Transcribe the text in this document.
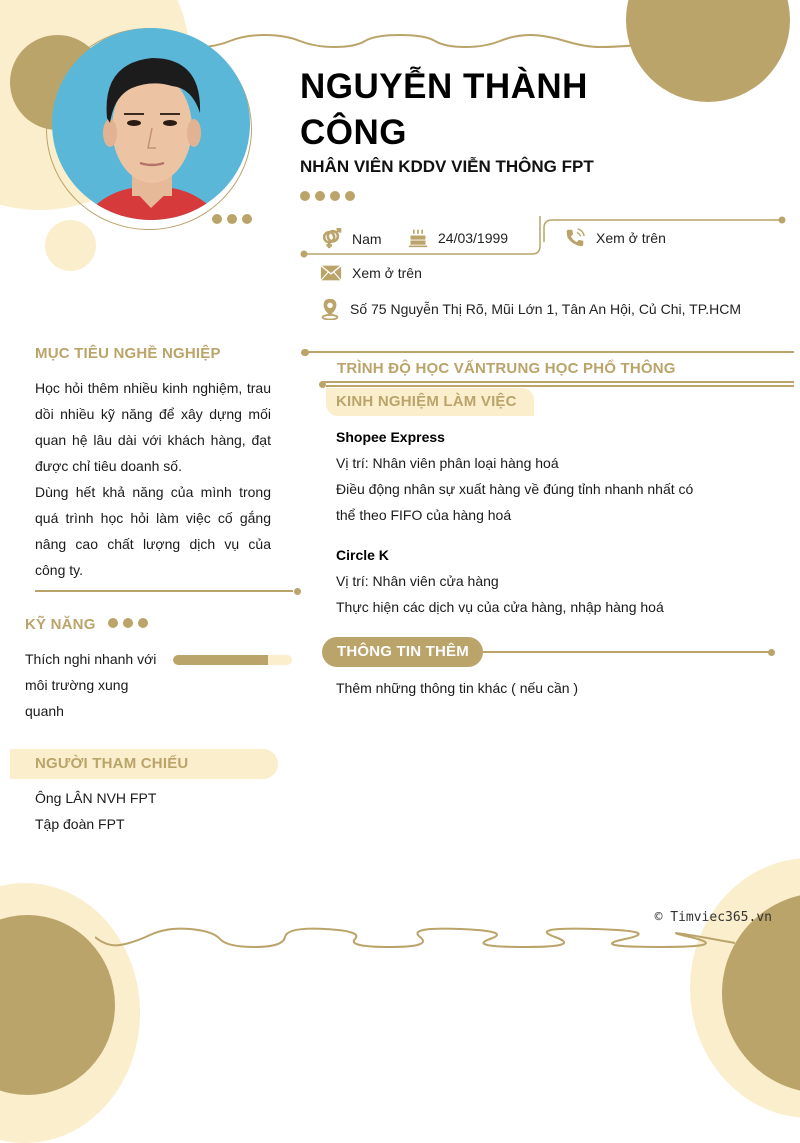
NGUYỄN THÀNH CÔNG
NHÂN VIÊN KDDV VIỄN THÔNG FPT
Nam	24/03/1999	Xem ở trên
Xem ở trên
Số 75 Nguyễn Thị Rõ, Mũi Lớn 1, Tân An Hội, Củ Chi, TP.HCM
MỤC TIÊU NGHỀ NGHIỆP
Học hỏi thêm nhiều kinh nghiệm, trau dồi nhiều kỹ năng để xây dựng mối quan hệ lâu dài với khách hàng, đạt được chỉ tiêu doanh số.
Dùng hết khả năng của mình trong quá trình học hỏi làm việc cố gắng nâng cao chất lượng dịch vụ của công ty.
KỸ NĂNG
Thích nghi nhanh với môi trường xung quanh
NGƯỜI THAM CHIẾU
Ông LÂN NVH FPT
Tập đoàn FPT
TRÌNH ĐỘ HỌC VẤNTRUNG HỌC PHỔ THÔNG
KINH NGHIỆM LÀM VIỆC
Shopee Express
Vị trí: Nhân viên phân loại hàng hoá
Điều động nhân sự xuất hàng về đúng tỉnh nhanh nhất có thể theo FIFO của hàng hoá
Circle K
Vị trí: Nhân viên cửa hàng
Thực hiện các dịch vụ của cửa hàng, nhập hàng hoá
THÔNG TIN THÊM
Thêm những thông tin khác ( nếu cần )
© Timviec365.vn
